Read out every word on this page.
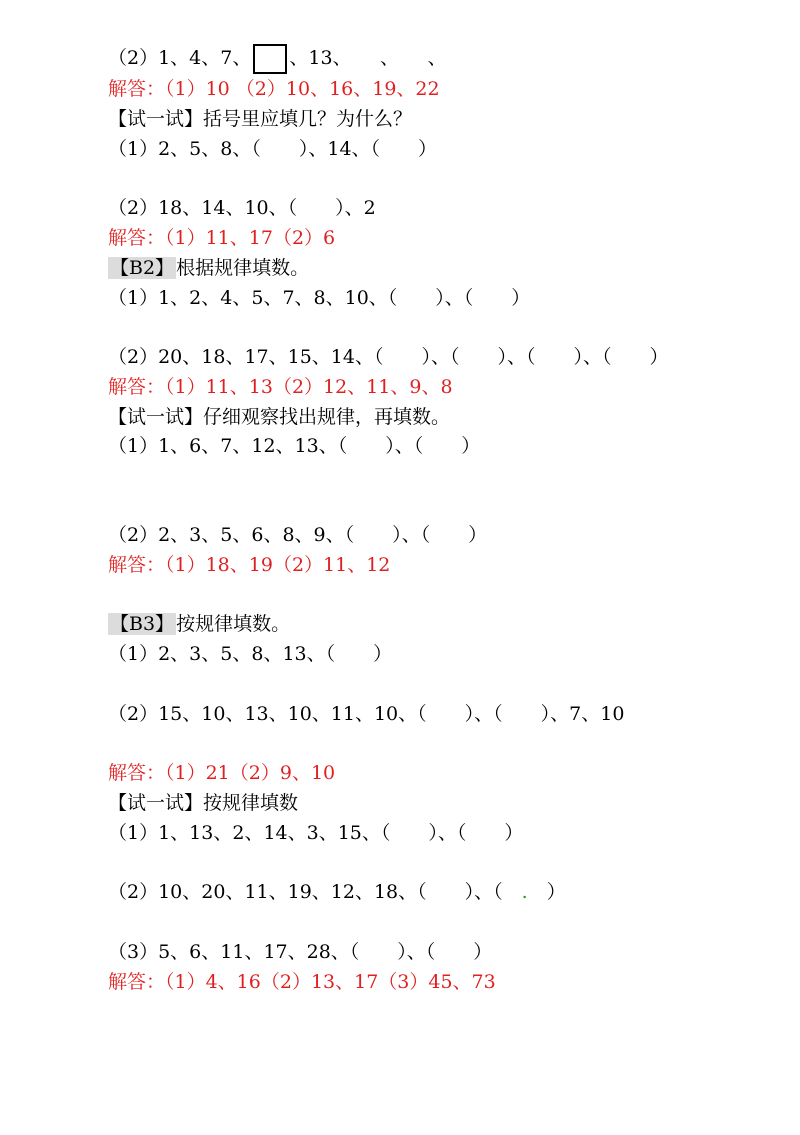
（2）1、4、7、 、13、　　、　　、

解答：（1）10 （2）10、16、19、22

【试一试】括号里应填几？为什么？

（1）2、5、8、（　　）、14、（　　）

（2）18、14、10、（　　）、2

解答：（1）11、17（2）6

【B2】 根据规律填数。

（1）1、2、4、5、7、8、10、（　　）、（　　）

（2）20、18、17、15、14、（　　）、（　　）、（　　）、（　　）

解答：（1）11、13（2）12、11、9、8

【试一试】仔细观察找出规律，再填数。

（1）1、6、7、12、13、（　　 ）、（　　）

（2）2、3、5、6、8、9、（　　）、（　　）

解答：（1）18、19（2）11、12

【B3】 按规律填数。

（1）2、3、5、8、13、（　　）

（2）15、10、13、10、11、10、（　　）、（　　）、7、10

解答：（1）21（2）9、10

【试一试】按规律填数

（1）1、13、2、14、3、15、（　　）、（　　）

（2）10、20、11、19、12、18、（　　）、（　.　）

（3）5、6、11、17、28、（　　）、（　　）

解答：（1）4、16（2）13、17（3）45、73
